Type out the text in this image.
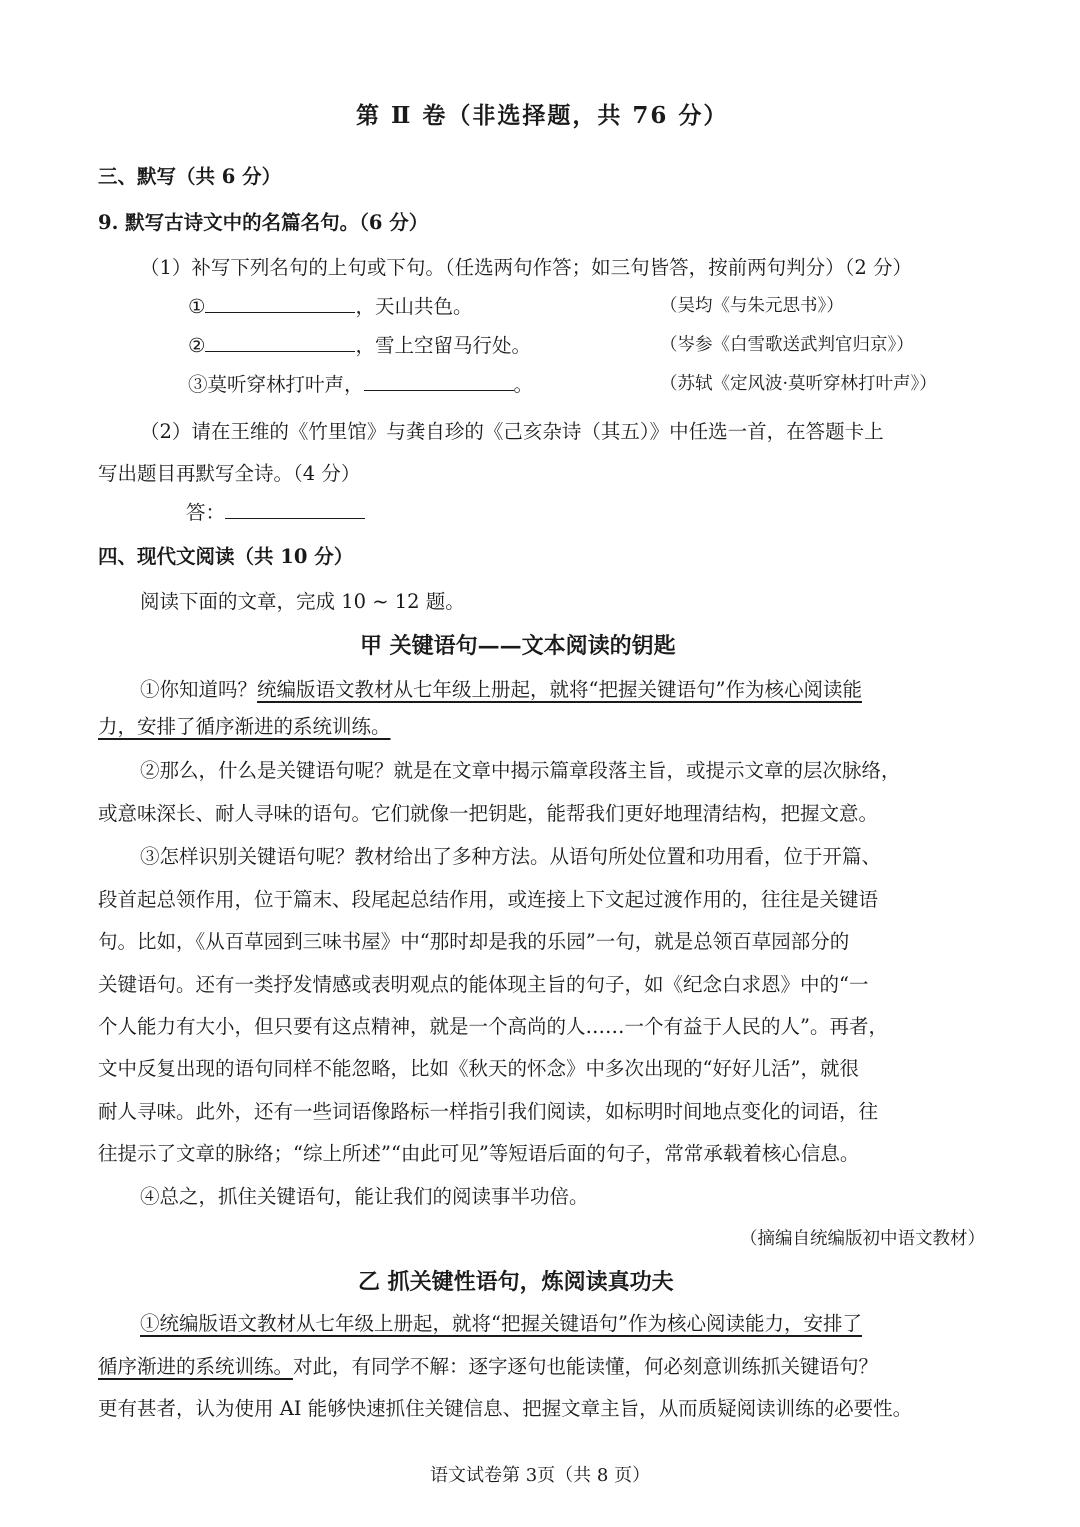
第 Ⅱ 卷（非选择题，共 76 分）
三、默写（共 6 分）
9. 默写古诗文中的名篇名句。（6 分）
（1）补写下列名句的上句或下句。（任选两句作答；如三句皆答，按前两句判分）（2 分）
①	，天山共色。	（吴均《与朱元思书》）
②	，雪上空留马行处。	（岑参《白雪歌送武判官归京》）
③莫听穿林打叶声，	。	（苏轼《定风波·莫听穿林打叶声》）
（2）请在王维的《竹里馆》与龚自珍的《己亥杂诗（其五）》中任选一首，在答题卡上
写出题目再默写全诗。（4 分）
答：
四、现代文阅读（共 10 分）
阅读下面的文章，完成 10 ~ 12 题。
甲 关键语句——文本阅读的钥匙
①你知道吗？统编版语文教材从七年级上册起，就将“把握关键语句”作为核心阅读能
力，安排了循序渐进的系统训练。
②那么，什么是关键语句呢？就是在文章中揭示篇章段落主旨，或提示文章的层次脉络，
或意味深长、耐人寻味的语句。它们就像一把钥匙，能帮我们更好地理清结构，把握文意。
③怎样识别关键语句呢？教材给出了多种方法。从语句所处位置和功用看，位于开篇、
段首起总领作用，位于篇末、段尾起总结作用，或连接上下文起过渡作用的，往往是关键语
句。比如，《从百草园到三味书屋》中“那时却是我的乐园”一句，就是总领百草园部分的
关键语句。还有一类抒发情感或表明观点的能体现主旨的句子，如《纪念白求恩》中的“一
个人能力有大小，但只要有这点精神，就是一个高尚的人……一个有益于人民的人”。再者，
文中反复出现的语句同样不能忽略，比如《秋天的怀念》中多次出现的“好好儿活”，就很
耐人寻味。此外，还有一些词语像路标一样指引我们阅读，如标明时间地点变化的词语，往
往提示了文章的脉络；“综上所述”“由此可见”等短语后面的句子，常常承载着核心信息。
④总之，抓住关键语句，能让我们的阅读事半功倍。
（摘编自统编版初中语文教材）
乙 抓关键性语句，炼阅读真功夫
①统编版语文教材从七年级上册起，就将“把握关键语句”作为核心阅读能力，安排了
循序渐进的系统训练。对此，有同学不解：逐字逐句也能读懂，何必刻意训练抓关键语句？
更有甚者，认为使用 AI 能够快速抓住关键信息、把握文章主旨，从而质疑阅读训练的必要性。
语文试卷第 3页（共 8 页）
